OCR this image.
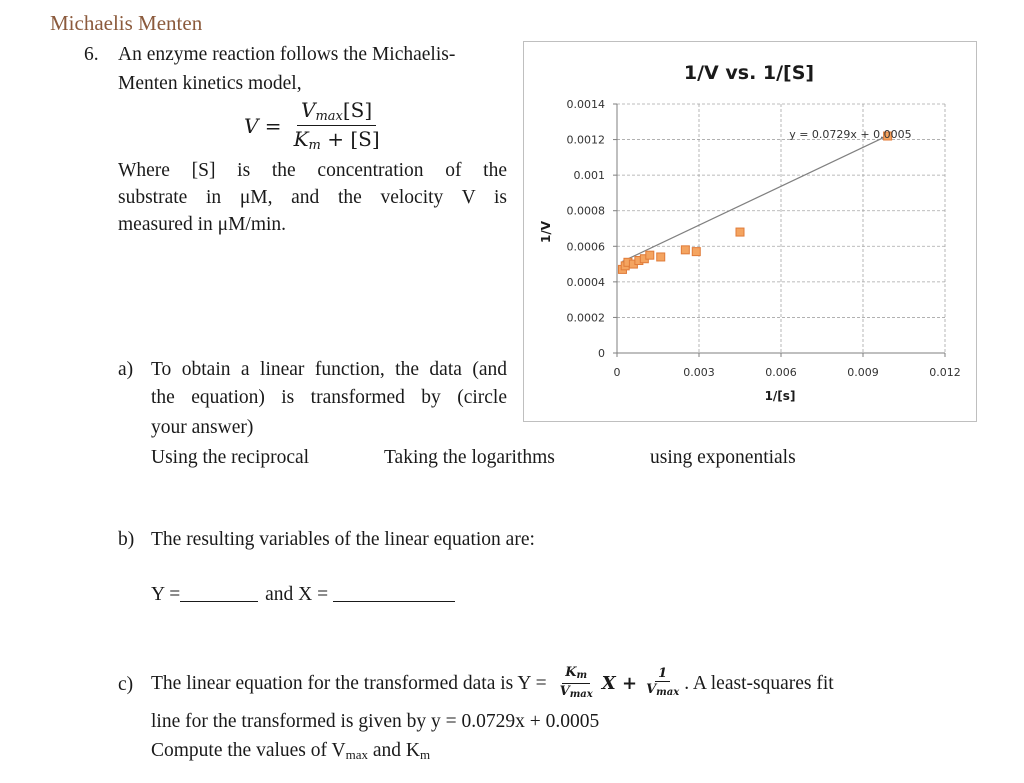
Michaelis Menten
6. An enzyme reaction follows the Michaelis-
Menten kinetics model,
$V = \frac{V_{max}[S]}{K_m + [S]}$
Where [S] is the concentration of the
substrate in μM, and the velocity V is
measured in μM/min.
1/V vs. 1/[S]
0
0.0002
0.0004
0.0006
0.0008
0.001
0.0012
0.0014
0	0.003	0.006	0.009	0.012
y = 0.0729x + 0.0005
1/[s]
1/V
a) To obtain a linear function, the data (and
the equation) is transformed by (circle
your answer)
Using the reciprocal	Taking the logarithms	using exponentials
b) The resulting variables of the linear equation are:
Y =	and X =
c) The linear equation for the transformed data is $Y = \frac{Km}{Vmax}$ $X + \frac{1}{Vmax}$ . A least-squares fit
line for the transformed is given by y = 0.0729x + 0.0005
Compute the values of $V_{max}$ and $K_m$
